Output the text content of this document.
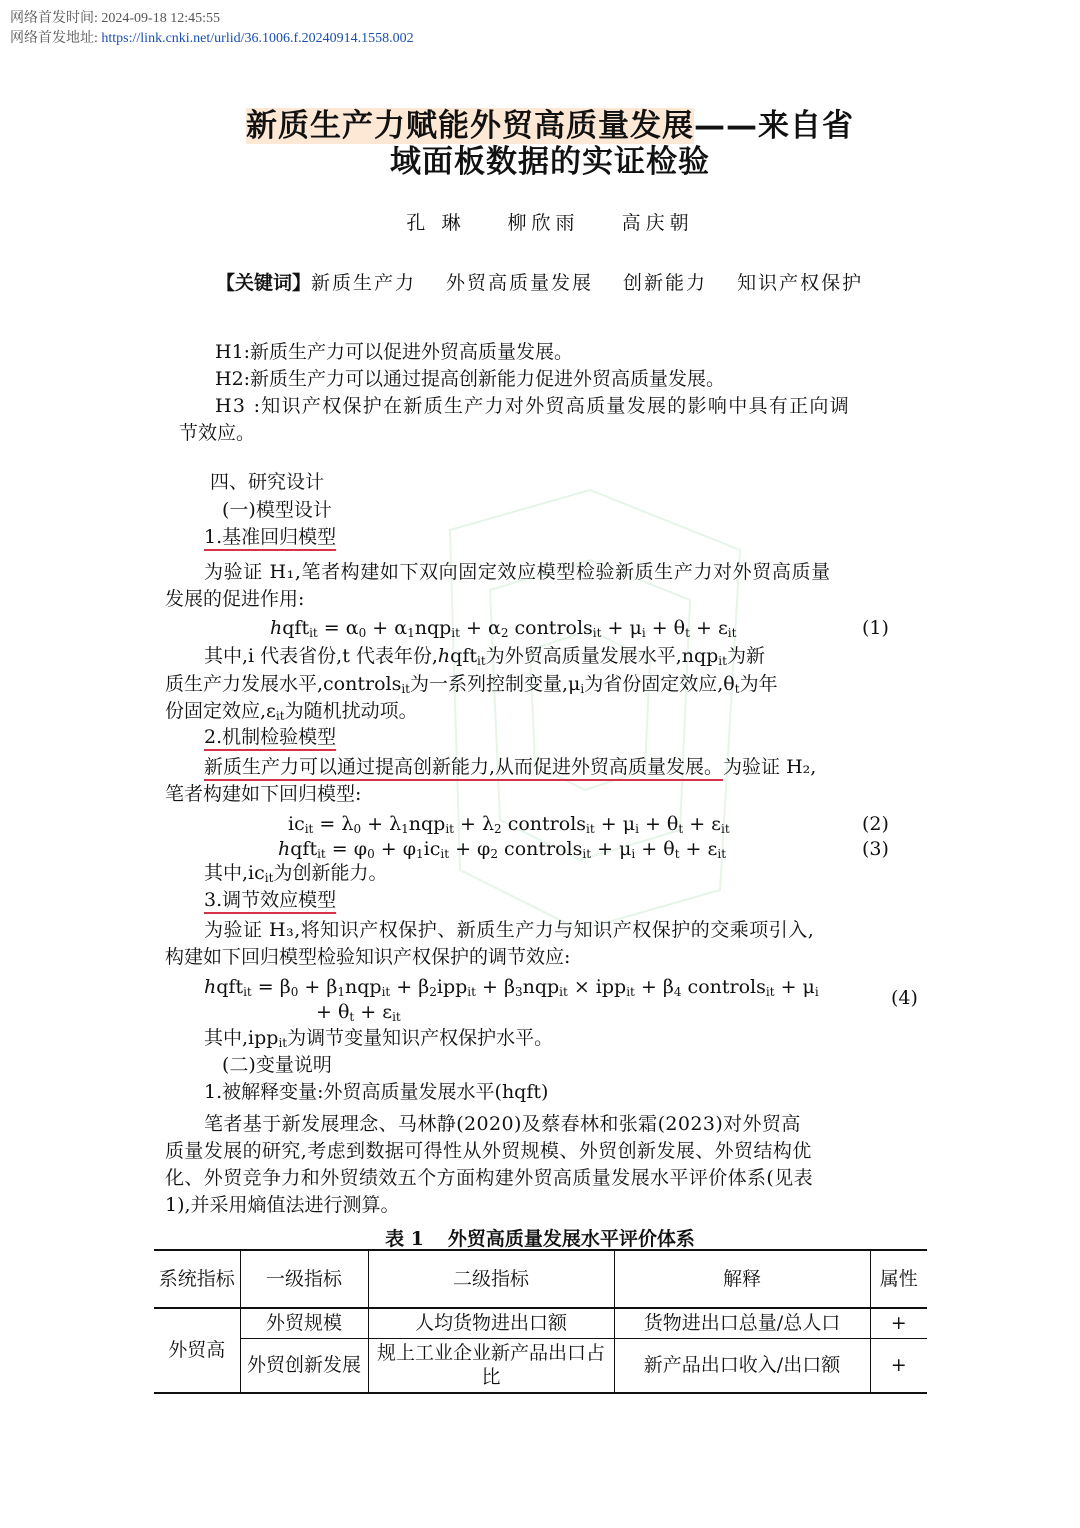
网络首发时间: 2024-09-18 12:45:55
网络首发地址: https://link.cnki.net/urlid/36.1006.f.20240914.1558.002
新质生产力赋能外贸高质量发展——来自省
域面板数据的实证检验
孔 琳 柳欣雨 高庆朝
【关键词】新质生产力 外贸高质量发展 创新能力 知识产权保护
H1:新质生产力可以促进外贸高质量发展。
H2:新质生产力可以通过提高创新能力促进外贸高质量发展。
H3 :知识产权保护在新质生产力对外贸高质量发展的影响中具有正向调
节效应。
四、研究设计
(一)模型设计
1.基准回归模型
为验证 H₁,笔者构建如下双向固定效应模型检验新质生产力对外贸高质量
发展的促进作用:
hqft$_{it}$ = $\alpha_0 + \alpha_1nqp_{it} + \alpha_2$ controls$_{it}$ + $\mu_i + \theta_t + \varepsilon_{it}$	(1)
其中,i 代表省份,t 代表年份,hqft$_{it}$为外贸高质量发展水平,nqp$_{it}$为新
质生产力发展水平,controls$_{it}$为一系列控制变量$,\mu_i$为省份固定效应$,\theta_t$为年
份固定效应$,\varepsilon_{it}$为随机扰动项。
2.机制检验模型
新质生产力可以通过提高创新能力,从而促进外贸高质量发展。为验证 H₂,
笔者构建如下回归模型:
$ic_{it} = \lambda_0 + \lambda_1nqp_{it} + \lambda_2$ controls$_{it}$ + $\mu_i + \theta_t + \varepsilon_{it}$	(2)
hqft$_{it}$ = $\varphi_0 + \varphi_1ic_{it} + \varphi_2$ controls$_{it}$ + $\mu_i + \theta_t + \varepsilon_{it}$	(3)
其中$,ic_{it}$为创新能力。
3.调节效应模型
为验证 H₃,将知识产权保护、新质生产力与知识产权保护的交乘项引入,
构建如下回归模型检验知识产权保护的调节效应:
hqft$_{it}$ = $\beta_0 + \beta_1nqp_{it} + \beta_2ipp_{it} + \beta_3nqp_{it} \times ipp_{it} + \beta_4$ controls$_{it}$ + $\mu_i$
+ $\theta_t + \varepsilon_{it}$
(4)
其中,ipp$_{it}$为调节变量知识产权保护水平。
(二)变量说明
1.被解释变量:外贸高质量发展水平(hqft)
笔者基于新发展理念、马林静(2020)及蔡春林和张霜(2023)对外贸高
质量发展的研究,考虑到数据可得性从外贸规模、外贸创新发展、外贸结构优
化、外贸竞争力和外贸绩效五个方面构建外贸高质量发展水平评价体系(见表
1),并采用熵值法进行测算。
表 1 外贸高质量发展水平评价体系
系统指标	一级指标	二级指标	解释	属性
外贸高	外贸规模	人均货物进出口额	货物进出口总量/总人口	+
	外贸创新发展	规上工业企业新产品出口占比	新产品出口收入/出口额	+
